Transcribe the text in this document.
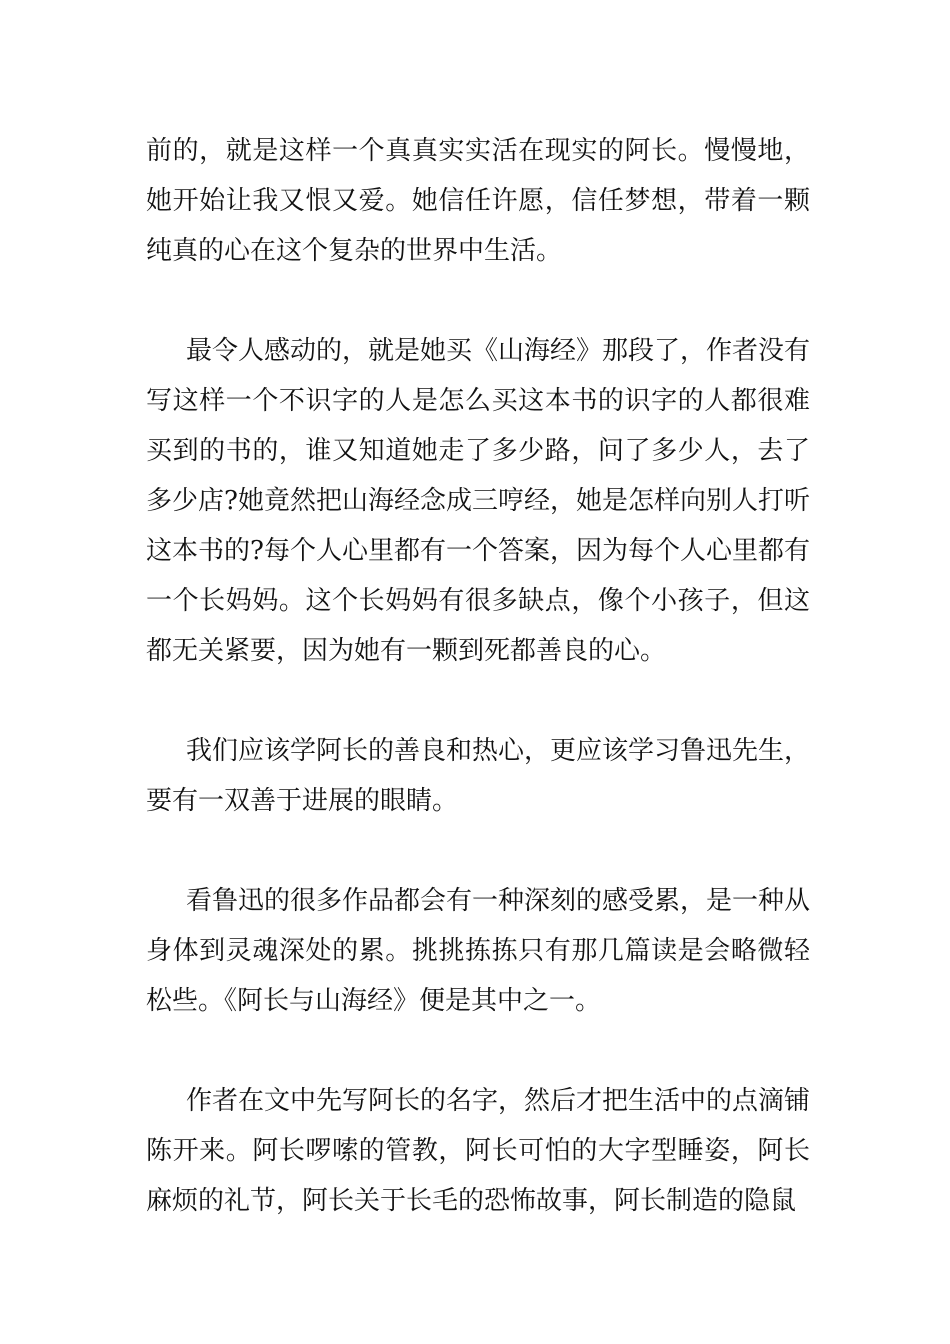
前的，就是这样一个真真实实活在现实的阿长。慢慢地，她开始让我又恨又爱。她信任许愿，信任梦想，带着一颗纯真的心在这个复杂的世界中生活。

最令人感动的，就是她买《山海经》那段了，作者没有写这样一个不识字的人是怎么买这本书的识字的人都很难买到的书的，谁又知道她走了多少路，问了多少人，去了多少店?她竟然把山海经念成三哼经，她是怎样向别人打听这本书的?每个人心里都有一个答案，因为每个人心里都有一个长妈妈。这个长妈妈有很多缺点，像个小孩子，但这都无关紧要，因为她有一颗到死都善良的心。

我们应该学阿长的善良和热心，更应该学习鲁迅先生，要有一双善于进展的眼睛。

看鲁迅的很多作品都会有一种深刻的感受累，是一种从身体到灵魂深处的累。挑挑拣拣只有那几篇读是会略微轻松些。《阿长与山海经》便是其中之一。

作者在文中先写阿长的名字，然后才把生活中的点滴铺陈开来。阿长啰嗦的管教，阿长可怕的大字型睡姿，阿长麻烦的礼节，阿长关于长毛的恐怖故事，阿长制造的隐鼠
